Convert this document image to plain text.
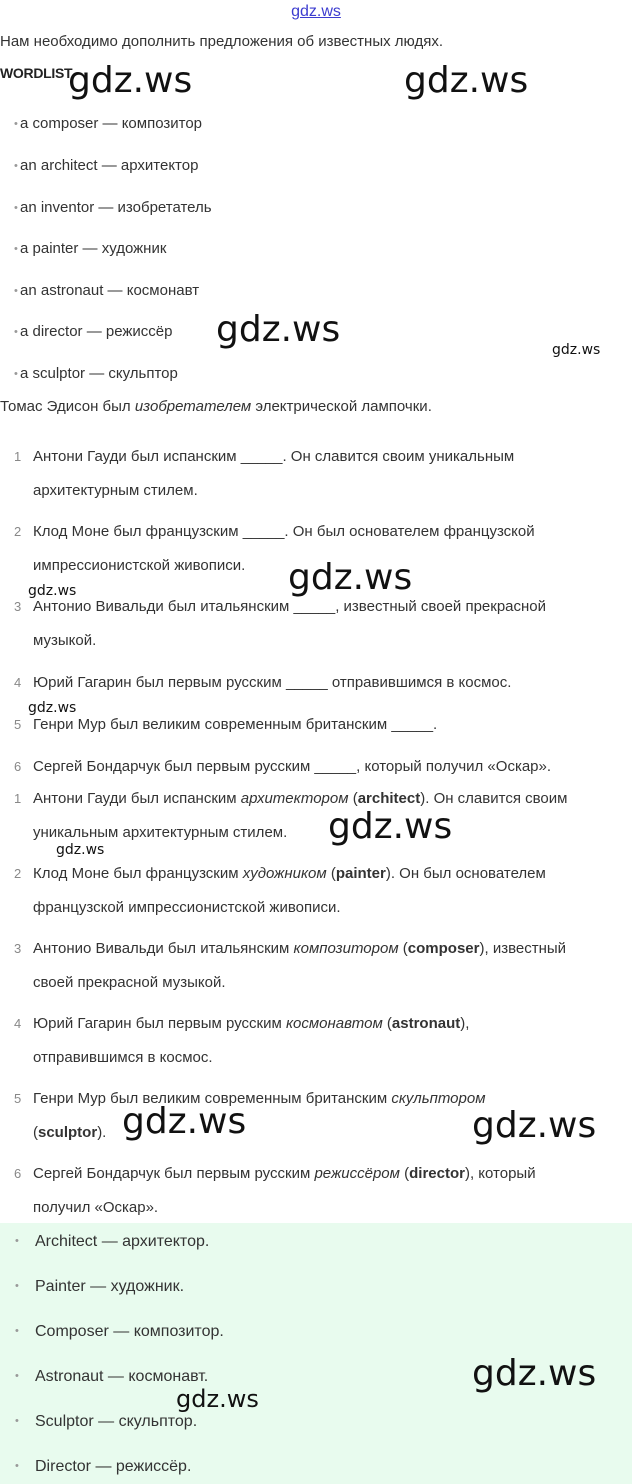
gdz.ws
Нам необходимо дополнить предложения об известных людях.
WORDLIST
•a composer — композитор
•an architect — архитектор
•an inventor — изобретатель
•a painter — художник
•an astronaut — космонавт
•a director — режиссёр
•a sculptor — скульптор
Томас Эдисон был изобретателем электрической лампочки.
1 Антони Гауди был испанским _____. Он славится своим уникальным
архитектурным стилем.
2 Клод Моне был французским _____. Он был основателем французской
импрессионистской живописи.
3 Антонио Вивальди был итальянским _____, известный своей прекрасной
музыкой.
4 Юрий Гагарин был первым русским _____ отправившимся в космос.
5 Генри Мур был великим современным британским _____.
6 Сергей Бондарчук был первым русским _____, который получил «Оскар».
1 Антони Гауди был испанским архитектором (architect). Он славится своим
уникальным архитектурным стилем.
2 Клод Моне был французским художником (painter). Он был основателем
французской импрессионистской живописи.
3 Антонио Вивальди был итальянским композитором (composer), известный
своей прекрасной музыкой.
4 Юрий Гагарин был первым русским космонавтом (astronaut),
отправившимся в космос.
5 Генри Мур был великим современным британским скульптором
(sculptor).
6 Сергей Бондарчук был первым русским режиссёром (director), который
получил «Оскар».
•Architect — архитектор.
•Painter — художник.
•Composer — композитор.
•Astronaut — космонавт.
•Sculptor — скульптор.
•Director — режиссёр.
gdz.ws	gdz.ws
gdz.ws	gdz.ws
gdz.ws
gdz.ws
gdz.ws
gdz.ws
gdz.ws
gdz.ws	gdz.ws
gdz.ws
gdz.ws
